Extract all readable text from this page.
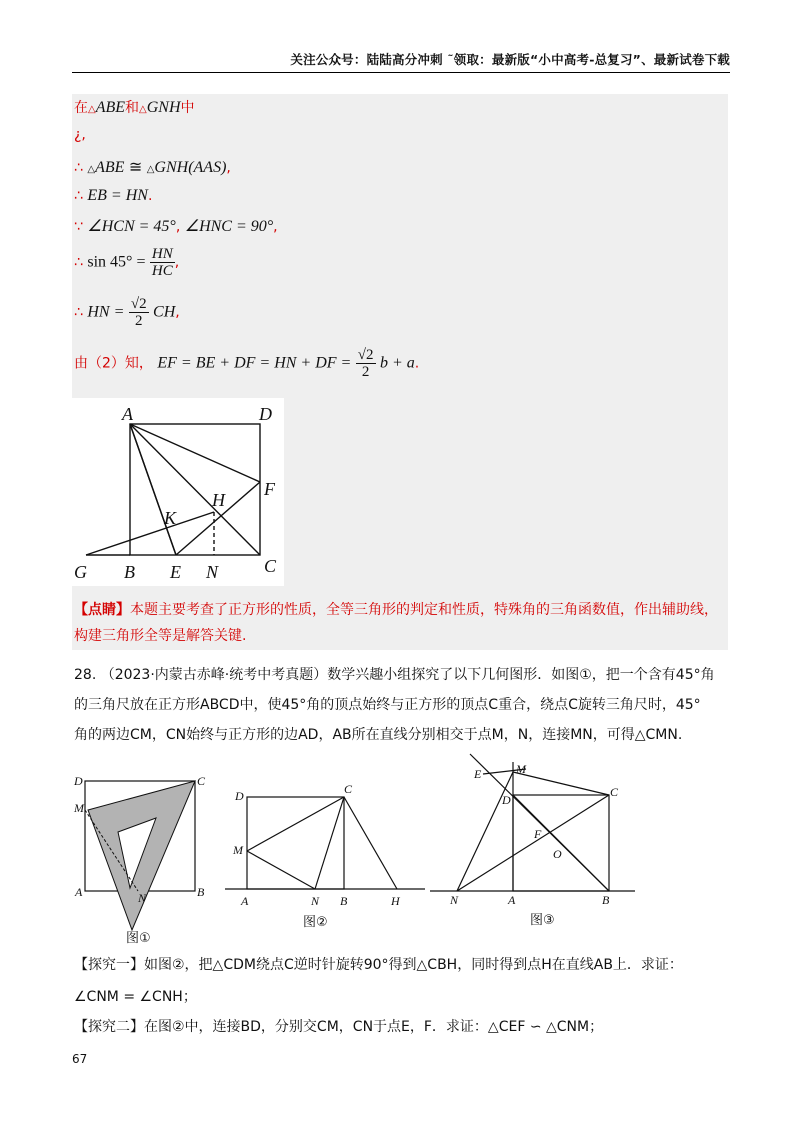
关注公众号：陆陆高分冲刺 ˜领取：最新版“小中高考-总复习”、最新试卷下载
在△ABE和△GNH中
¿,
∴ △ABE ≅ △GNH(AAS),
∴ EB = HN.
∵ ∠HCN = 45°, ∠HNC = 90°,
∴ $\sin 45^\circ = \frac{HN}{HC}$ ,
∴ HN = $\frac{√2}{2}$ CH,
由（2）知， EF = BE + DF = HN + DF = $\frac{√2}{2}$ b + a.
A	D
F
H
K
G B E N	C
【点睛】本题主要考查了正方形的性质，全等三角形的判定和性质，特殊角的三角函数值，作出辅助线，构建三角形全等是解答关键.
28. （2023·内蒙古赤峰·统考中考真题）数学兴趣小组探究了以下几何图形．如图①，把一个含有45°角
的三角尺放在正方形ABCD中，使45°角的顶点始终与正方形的顶点C重合，绕点C旋转三角尺时，45°
角的两边CM，CN始终与正方形的边AD，AB所在直线分别相交于点M，N，连接MN，可得△CMN.
D	C
M
A	N	B
图①
D	C
M
A	N B	H
图②
E	M
D
C
F
O
N	A	B
图③
【探究一】如图②，把△CDM绕点C逆时针旋转90°得到△CBH，同时得到点H在直线AB上．求证：
∠CNM = ∠CNH；
【探究二】在图②中，连接BD，分别交CM，CN于点E，F．求证：△CEF ∽ △CNM；
67
